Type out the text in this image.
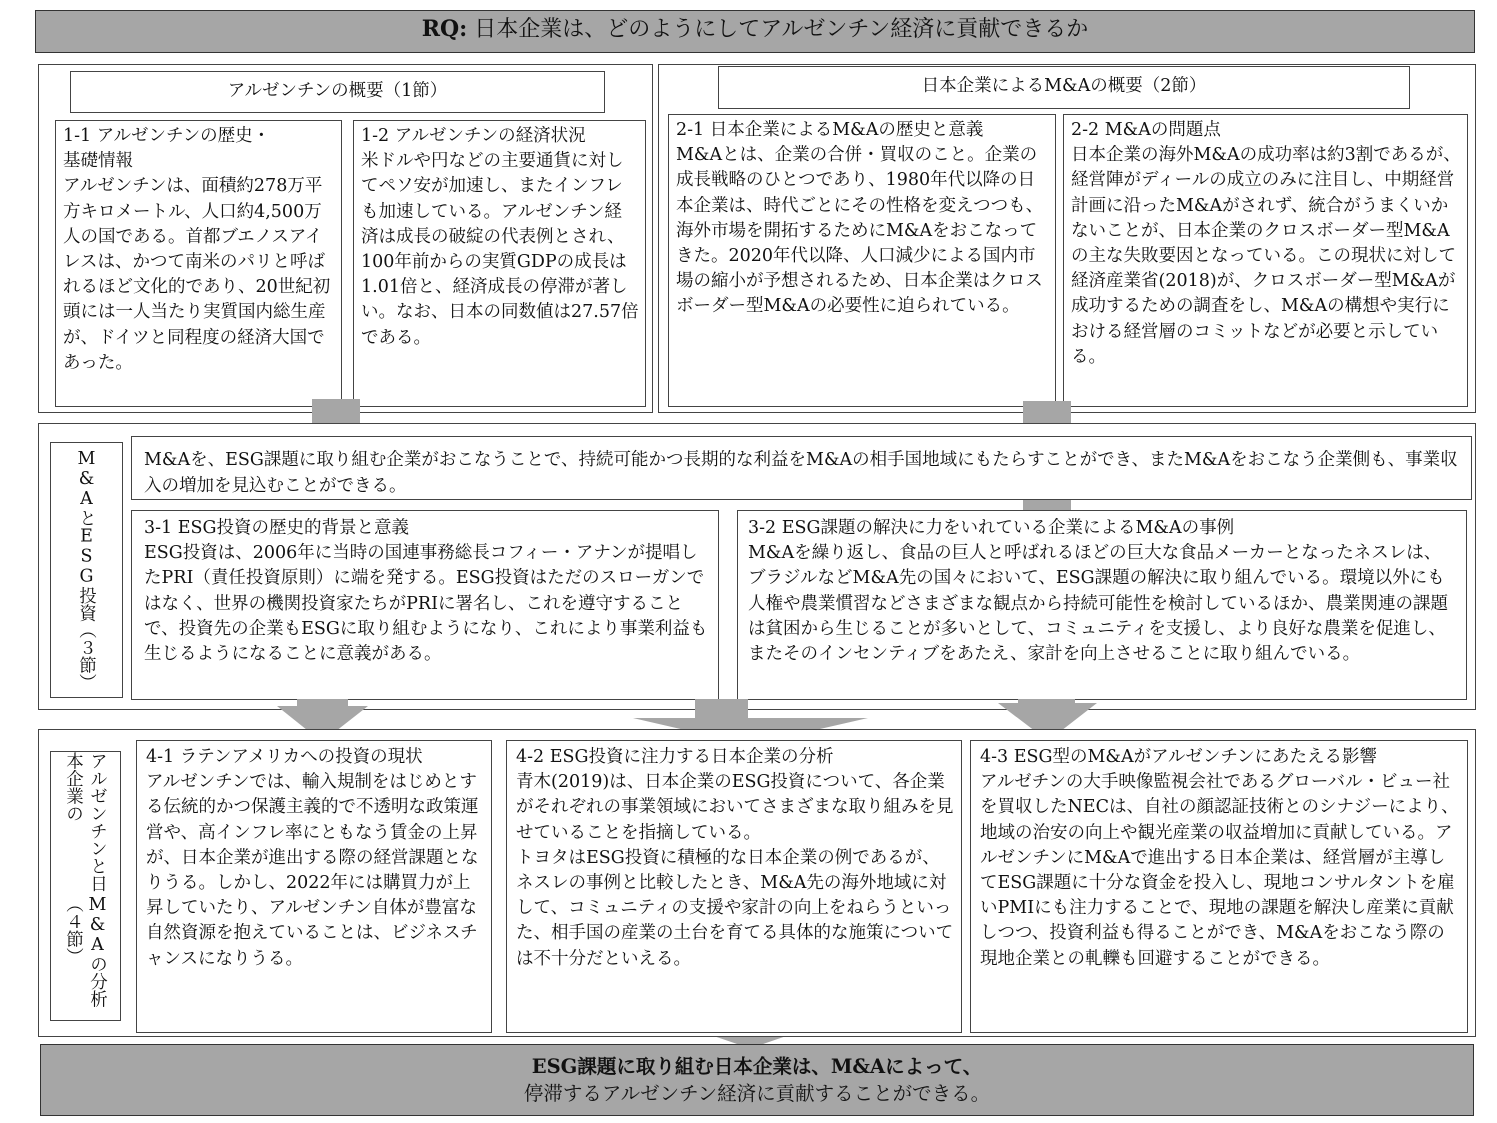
RQ: 日本企業は、どのようにしてアルゼンチン経済に貢献できるか
アルゼンチンの概要（1節）

1-1 アルゼンチンの歴史・

基礎情報

アルゼンチンは、面積約278万平方キロメートル、人口約4,500万人の国である。首都ブエノスアイレスは、かつて南米のパリと呼ばれるほど文化的であり、20世紀初頭には一人当たり実質国内総生産が、ドイツと同程度の経済大国であった。

1-2 アルゼンチンの経済状況

米ドルや円などの主要通貨に対してペソ安が加速し、またインフレも加速している。アルゼンチン経済は成長の破綻の代表例とされ、100年前からの実質GDPの成長は1.01倍と、経済成長の停滞が著しい。なお、日本の同数値は27.57倍である。

日本企業によるM&Aの概要（2節）

2-1 日本企業によるM&Aの歴史と意義

M&Aとは、企業の合併・買収のこと。企業の成長戦略のひとつであり、1980年代以降の日本企業は、時代ごとにその性格を変えつつも、海外市場を開拓するためにM&Aをおこなってきた。2020年代以降、人口減少による国内市場の縮小が予想されるため、日本企業はクロスボーダー型M&Aの必要性に迫られている。

2-2 M&Aの問題点

日本企業の海外M&Aの成功率は約3割であるが、経営陣がディールの成立のみに注目し、中期経営計画に沿ったM&Aがされず、統合がうまくいかないことが、日本企業のクロスボーダー型M&Aの主な失敗要因となっている。この現状に対して経済産業省(2018)が、クロスボーダー型M&Aが成功するための調査をし、M&Aの構想や実行における経営層のコミットなどが必要と示している。

M&AとESG投資
（３節）

M&Aを、ESG課題に取り組む企業がおこなうことで、持続可能かつ長期的な利益をM&Aの相手国地域にもたらすことができ、またM&Aをおこなう企業側も、事業収入の増加を見込むことができる。

3-1 ESG投資の歴史的背景と意義

ESG投資は、2006年に当時の国連事務総長コフィー・アナンが提唱したPRI（責任投資原則）に端を発する。ESG投資はただのスローガンではなく、世界の機関投資家たちがPRIに署名し、これを遵守することで、投資先の企業もESGに取り組むようになり、これにより事業利益も生じるようになることに意義がある。

3-2 ESG課題の解決に力をいれている企業によるM&Aの事例

M&Aを繰り返し、食品の巨人と呼ばれるほどの巨大な食品メーカーとなったネスレは、ブラジルなどM&A先の国々において、ESG課題の解決に取り組んでいる。環境以外にも人権や農業慣習などさまざまな観点から持続可能性を検討しているほか、農業関連の課題は貧困から生じることが多いとして、コミュニティを支援し、より良好な農業を促進し、またそのインセンティブをあたえ、家計を向上させることに取り組んでいる。

アルゼンチンと日本企業の
M&Aの分析（４節）

4-1 ラテンアメリカへの投資の現状

アルゼンチンでは、輸入規制をはじめとする伝統的かつ保護主義的で不透明な政策運営や、高インフレ率にともなう賃金の上昇が、日本企業が進出する際の経営課題となりうる。しかし、2022年には購買力が上昇していたり、アルゼンチン自体が豊富な自然資源を抱えていることは、ビジネスチャンスになりうる。

4-2 ESG投資に注力する日本企業の分析

青木(2019)は、日本企業のESG投資について、各企業がそれぞれの事業領域においてさまざまな取り組みを見せていることを指摘している。

トヨタはESG投資に積極的な日本企業の例であるが、ネスレの事例と比較したとき、M&A先の海外地域に対して、コミュニティの支援や家計の向上をねらうといった、相手国の産業の土台を育てる具体的な施策については不十分だといえる。

4-3 ESG型のM&Aがアルゼンチンにあたえる影響

アルゼチンの大手映像監視会社であるグローバル・ビュー社を買収したNECは、自社の顔認証技術とのシナジーにより、地域の治安の向上や観光産業の収益増加に貢献している。アルゼンチンにM&Aで進出する日本企業は、経営層が主導してESG課題に十分な資金を投入し、現地コンサルタントを雇いPMIにも注力することで、現地の課題を解決し産業に貢献しつつ、投資利益も得ることができ、M&Aをおこなう際の現地企業との軋轢も回避することができる。

ESG課題に取り組む日本企業は、M&Aによって、
停滞するアルゼンチン経済に貢献することができる。
